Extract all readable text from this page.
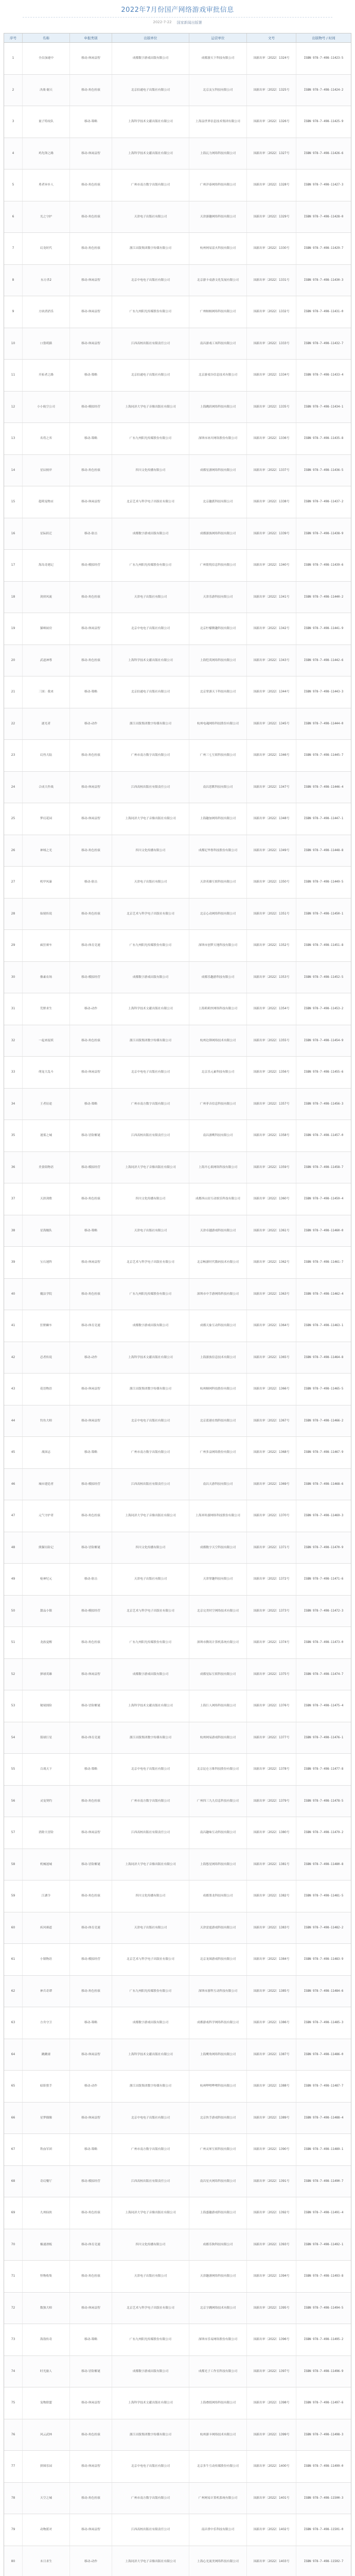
2022年7月份国产网络游戏审批信息
2022-7-22 国家新闻出版署
序号	名称	申报类别	出版单位	运营单位	文号	出版物号 / 时间
1	全员加速中	移动-休闲益智	成都数字游戏出版有限公司	成都游天下科技有限公司	国新出审〔2022〕1324号	ISBN 978-7-498-11423-5
2	决战·谢天	移动-角色扮演	北京伯通电子出版社有限公司	北京友宝科技有限公司	国新出审〔2022〕1325号	ISBN 978-7-498-11424-2
3	量子特攻队	移动-策略	上海科学技术文献出版社有限公司	上海益世界信息技术集团有限公司	国新出审〔2022〕1326号	ISBN 978-7-498-11425-9
4	鸡先锋之路	移动-休闲益智	上海科学技术文献出版社有限公司	上海瓦力网络科技有限公司	国新出审〔2022〕1327号	ISBN 978-7-498-11426-6
5	勇者异乡人	移动-角色扮演	广州市南方数字出版有限公司	广州洋泰网络科技有限公司	国新出审〔2022〕1328号	ISBN 978-7-498-11427-3
6	光之守护	移动-角色扮演	天津电子出版社有限公司	天津游趣网络科技有限公司	国新出审〔2022〕1329号	ISBN 978-7-498-11428-0
7	幻龙时代	移动-角色扮演	浙江出版集团数字传媒有限公司	杭州网易雷火科技有限公司	国新出审〔2022〕1330号	ISBN 978-7-498-11429-7
8	东方杀2	移动-休闲益智	北京中电电子出版社有限公司	北京游卡桌游文化发展有限公司	国新出审〔2022〕1331号	ISBN 978-7-498-11430-3
9	方块消消乐	移动-休闲益智	广东九州阳光传媒股份有限公司	广州帕帕网络科技有限公司	国新出审〔2022〕1332号	ISBN 978-7-498-11431-0
10	口袋萌猫	移动-休闲益智	江西高校出版社有限责任公司	南昌游戏工场科技有限公司	国新出审〔2022〕1333号	ISBN 978-7-498-11432-7
11	开拓者之路	移动-策略	北京伯通电子出版社有限公司	北京游戏谷信息技术有限公司	国新出审〔2022〕1334号	ISBN 978-7-498-11433-4
12	小小航空公司	移动-模拟经营	上海同济大学电子音像出版社有限公司	上海跳跃网络科技有限公司	国新出审〔2022〕1335号	ISBN 978-7-498-11434-1
13	名将之弈	移动-策略	广东九州阳光传媒股份有限公司	深圳市冰川网络股份有限公司	国新出审〔2022〕1336号	ISBN 978-7-498-11435-8
14	星辰彼岸	移动-角色扮演	四川文化传播有限公司	成都星游网络科技有限公司	国新出审〔2022〕1337号	ISBN 978-7-498-11436-5
15	超萌宠物店	移动-休闲益智	北京艺术与科学电子出版社有限公司	北京趣派科技有限公司	国新出审〔2022〕1338号	ISBN 978-7-498-11437-2
16	星际跃迁	移动-射击	成都数字游戏出版有限公司	成都游族网络科技有限公司	国新出审〔2022〕1339号	ISBN 978-7-498-11438-9
17	海岛奇遇记	移动-模拟经营	广东九州阳光传媒股份有限公司	广州简悦信息科技有限公司	国新出审〔2022〕1340号	ISBN 978-7-498-11439-6
18	剑侠风流	移动-角色扮演	天津电子出版社有限公司	天津乐游科技有限公司	国新出审〔2022〕1341号	ISBN 978-7-498-11440-2
19	猫咪厨房	移动-休闲益智	北京中电电子出版社有限公司	北京柠檬微趣科技有限公司	国新出审〔2022〕1342号	ISBN 978-7-498-11441-9
20	武道神尊	移动-角色扮演	上海科学技术文献出版社有限公司	上海恺英网络科技有限公司	国新出审〔2022〕1343号	ISBN 978-7-498-11442-6
21	三国：我来	移动-策略	北京伯通电子出版社有限公司	北京掌游天下科技有限公司	国新出审〔2022〕1344号	ISBN 978-7-498-11443-3
22	逐光者	移动-动作	浙江出版集团数字传媒有限公司	杭州电魂网络科技股份有限公司	国新出审〔2022〕1345号	ISBN 978-7-498-11444-0
23	幻兽大陆	移动-角色扮演	广州市南方数字出版有限公司	广州三七互娱科技有限公司	国新出审〔2022〕1346号	ISBN 978-7-498-11445-7
24	合成大作战	移动-休闲益智	江西高校出版社有限责任公司	南昌思默科技有限公司	国新出审〔2022〕1347号	ISBN 978-7-498-11446-4
25	梦幻花园	移动-休闲益智	上海同济大学电子音像出版社有限公司	上海趣加网络科技有限公司	国新出审〔2022〕1348号	ISBN 978-7-498-11447-1
26	神域之光	移动-角色扮演	四川文化传播有限公司	成都尼毕鲁科技股份有限公司	国新出审〔2022〕1349号	ISBN 978-7-498-11448-8
27	机甲风暴	移动-射击	天津电子出版社有限公司	天津英雄互娱科技有限公司	国新出审〔2022〕1350号	ISBN 978-7-498-11449-5
28	仙境传说	移动-角色扮演	北京艺术与科学电子出版社有限公司	北京心动网络科技有限公司	国新出审〔2022〕1351号	ISBN 978-7-498-11450-1
29	疯狂赛车	移动-体育竞速	广东九州阳光传媒股份有限公司	深圳市创梦天地科技有限公司	国新出审〔2022〕1352号	ISBN 978-7-498-11451-8
30	像素农场	移动-模拟经营	成都数字游戏出版有限公司	成都乐趣游科技有限公司	国新出审〔2022〕1353号	ISBN 978-7-498-11452-5
31	荒野求生	移动-动作	上海科学技术文献出版社有限公司	上海莉莉丝网络科技有限公司	国新出审〔2022〕1354号	ISBN 978-7-498-11453-2
32	一起来捉妖	移动-角色扮演	浙江出版集团数字传媒有限公司	杭州边锋网络技术有限公司	国新出审〔2022〕1355号	ISBN 978-7-498-11454-9
33	萌宠大乱斗	移动-休闲益智	北京中电电子出版社有限公司	北京乐元素科技有限公司	国新出审〔2022〕1356号	ISBN 978-7-498-11455-6
34	王者征途	移动-策略	广州市南方数字出版有限公司	广州菲音信息科技有限公司	国新出审〔2022〕1357号	ISBN 978-7-498-11456-3
35	迷雾之城	移动-冒险解谜	江西高校出版社有限责任公司	南昌游鹰科技有限公司	国新出审〔2022〕1358号	ISBN 978-7-498-11457-0
36	美食街物语	移动-模拟经营	上海同济大学电子音像出版社有限公司	上海开心果网络科技有限公司	国新出审〔2022〕1359号	ISBN 978-7-498-11458-7
37	天涯剑歌	移动-角色扮演	四川文化传播有限公司	成都西山居互动娱乐科技有限公司	国新出审〔2022〕1360号	ISBN 978-7-498-11459-4
38	星海舰队	移动-策略	天津电子出版社有限公司	天津卓越游戏科技有限公司	国新出审〔2022〕1361号	ISBN 978-7-498-11460-0
39	宝石迷阵	移动-休闲益智	北京艺术与科学电子出版社有限公司	北京畅游时代数码技术有限公司	国新出审〔2022〕1362号	ISBN 978-7-498-11461-7
40	魔法学院	移动-角色扮演	广东九州阳光传媒股份有限公司	深圳市中手游网络科技有限公司	国新出审〔2022〕1363号	ISBN 978-7-498-11462-4
41	狂野飙车	移动-体育竞速	成都数字游戏出版有限公司	成都天象互动科技有限公司	国新出审〔2022〕1364号	ISBN 978-7-498-11463-1
42	忍者传说	移动-动作	上海科学技术文献出版社有限公司	上海游族信息技术有限公司	国新出审〔2022〕1365号	ISBN 978-7-498-11464-8
43	花语物语	移动-休闲益智	浙江出版集团数字传媒有限公司	杭州顺网科技股份有限公司	国新出审〔2022〕1366号	ISBN 978-7-498-11465-5
44	钓鱼大师	移动-休闲益智	北京中电电子出版社有限公司	北京蓝港在线科技有限公司	国新出审〔2022〕1367号	ISBN 978-7-498-11466-2
45	战国志	移动-策略	广州市南方数字出版有限公司	广州多益网络股份有限公司	国新出审〔2022〕1368号	ISBN 978-7-498-11467-9
46	城市建造者	移动-模拟经营	江西高校出版社有限责任公司	南昌天游科技有限公司	国新出审〔2022〕1369号	ISBN 978-7-498-11468-6
47	元气守护者	移动-角色扮演	上海同济大学电子音像出版社有限公司	上海米哈游网络科技股份有限公司	国新出审〔2022〕1370号	ISBN 978-7-498-11469-3
48	熊猫历险记	移动-冒险解谜	四川文化传播有限公司	成都数字天空科技有限公司	国新出审〔2022〕1371号	ISBN 978-7-498-11470-9
49	枪神纪元	移动-射击	天津电子出版社有限公司	天津掌趣科技有限公司	国新出审〔2022〕1372号	ISBN 978-7-498-11471-6
50	甜品小镇	移动-模拟经营	北京艺术与科学电子出版社有限公司	北京完美时空网络技术有限公司	国新出审〔2022〕1373号	ISBN 978-7-498-11472-3
51	龙族觉醒	移动-角色扮演	广东九州阳光传媒股份有限公司	深圳市腾讯计算机系统有限公司	国新出审〔2022〕1374号	ISBN 978-7-498-11473-0
52	弹球英雄	移动-休闲益智	成都数字游戏出版有限公司	成都星际互娱科技有限公司	国新出审〔2022〕1375号	ISBN 978-7-498-11474-7
53	秘境探险	移动-冒险解谜	上海科学技术文献出版社有限公司	上海巨人网络科技有限公司	国新出审〔2022〕1376号	ISBN 978-7-498-11475-4
54	篮球巨星	移动-体育竞速	浙江出版集团数字传媒有限公司	杭州网易游戏科技有限公司	国新出审〔2022〕1377号	ISBN 978-7-498-11476-1
55	百战天下	移动-策略	北京中电电子出版社有限公司	北京昆仑万维科技股份有限公司	国新出审〔2022〕1378号	ISBN 978-7-498-11477-8
56	灵宠契约	移动-角色扮演	广州市南方数字出版有限公司	广州四三九九信息科技有限公司	国新出审〔2022〕1379号	ISBN 978-7-498-11478-5
57	消除大冒险	移动-休闲益智	江西高校出版社有限责任公司	南昌趣味互动科技有限公司	国新出审〔2022〕1380号	ISBN 978-7-498-11479-2
58	机械迷城	移动-冒险解谜	上海同济大学电子音像出版社有限公司	上海悠星网络科技有限公司	国新出审〔2022〕1381号	ISBN 978-7-498-11480-8
59	江湖令	移动-角色扮演	四川文化传播有限公司	成都墨龙科技有限公司	国新出审〔2022〕1382号	ISBN 978-7-498-11481-5
60	疾风赛道	移动-体育竞速	天津电子出版社有限公司	天津雷霆游戏科技有限公司	国新出审〔2022〕1383号	ISBN 978-7-498-11482-2
61	小镇物语	移动-模拟经营	北京艺术与科学电子出版社有限公司	北京龙图游戏科技有限公司	国新出审〔2022〕1384号	ISBN 978-7-498-11483-9
62	神兵奇谭	移动-角色扮演	广东九州阳光传媒股份有限公司	深圳市游科互动科技有限公司	国新出审〔2022〕1385号	ISBN 978-7-498-11484-6
63	方舟守卫	移动-策略	成都数字游戏出版有限公司	成都游戏科学网络科技有限公司	国新出审〔2022〕1386号	ISBN 978-7-498-11485-3
64	跳跳球	移动-休闲益智	上海科学技术文献出版社有限公司	上海鹰角网络科技有限公司	国新出审〔2022〕1387号	ISBN 978-7-498-11486-0
65	暗影猎手	移动-动作	浙江出版集团数字传媒有限公司	杭州哔哩哔哩科技有限公司	国新出审〔2022〕1388号	ISBN 978-7-498-11487-7
66	星梦偶像	移动-休闲益智	北京中电电子出版社有限公司	北京快手游戏科技有限公司	国新出审〔2022〕1389号	ISBN 978-7-498-11488-4
67	铁血军团	移动-策略	广州市南方数字出版有限公司	广州灵犀互娱科技有限公司	国新出审〔2022〕1390号	ISBN 978-7-498-11489-1
68	奇幻餐厅	移动-模拟经营	江西高校出版社有限责任公司	南昌星火网络科技有限公司	国新出审〔2022〕1391号	ISBN 978-7-498-11490-7
69	九州仙侠	移动-角色扮演	上海同济大学电子音像出版社有限公司	上海盛趣游戏科技有限公司	国新出审〔2022〕1392号	ISBN 978-7-498-11491-4
70	极速滑板	移动-体育竞速	四川文化传播有限公司	成都乐狗科技有限公司	国新出审〔2022〕1393号	ISBN 978-7-498-11492-1
71	怪物收集	移动-角色扮演	天津电子出版社有限公司	天津趣游网络科技有限公司	国新出审〔2022〕1394号	ISBN 978-7-498-11493-8
72	数独大师	移动-休闲益智	北京艺术与科学电子出版社有限公司	北京字跳网络技术有限公司	国新出审〔2022〕1395号	ISBN 978-7-498-11494-5
73	海盗传奇	移动-策略	广东九州阳光传媒股份有限公司	深圳市乐易网络股份有限公司	国新出审〔2022〕1396号	ISBN 978-7-498-11495-2
74	时光旅人	移动-冒险解谜	成都数字游戏出版有限公司	成都光子工作室科技有限公司	国新出审〔2022〕1397号	ISBN 978-7-498-11496-9
75	宠物联盟	移动-休闲益智	上海科学技术文献出版社有限公司	上海叠纸网络科技有限公司	国新出审〔2022〕1398号	ISBN 978-7-498-11497-6
76	风云武林	移动-角色扮演	浙江出版集团数字传媒有限公司	杭州游卡网络技术有限公司	国新出审〔2022〕1399号	ISBN 978-7-498-11498-3
77	拼图乐园	移动-休闲益智	北京中电电子出版社有限公司	北京多牛互动传媒股份有限公司	国新出审〔2022〕1400号	ISBN 978-7-498-11499-0
78	天空之城	移动-角色扮演	广州市南方数字出版有限公司	广州网易计算机系统有限公司	国新出审〔2022〕1401号	ISBN 978-7-498-11500-3
79	动物派对	移动-休闲益智	江西高校出版社有限责任公司	南昌掌中乐科技有限公司	国新出审〔2022〕1402号	ISBN 978-7-498-11501-0
80	末日求生	移动-动作	上海同济大学电子音像出版社有限公司	上海心光流美网络科技有限公司	国新出审〔2022〕1403号	ISBN 978-7-498-11502-7
